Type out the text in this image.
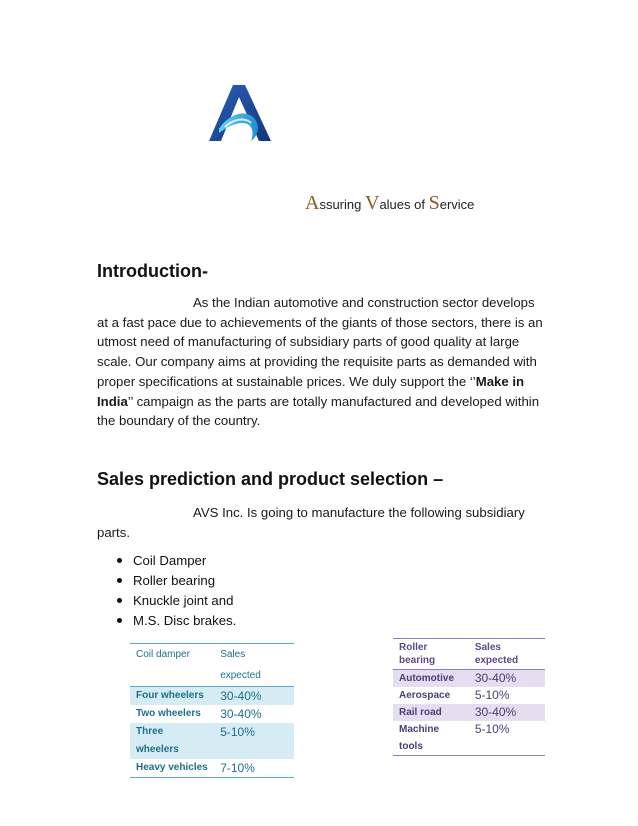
Assuring Values of Service
Introduction-
As the Indian automotive and construction sector develops at a fast pace due to achievements of the giants of those sectors, there is an utmost need of manufacturing of subsidiary parts of good quality at large scale. Our company aims at providing the requisite parts as demanded with proper specifications at sustainable prices. We duly support the ‘’Make in India’’ campaign as the parts are totally manufactured and developed within the boundary of the country.
Sales prediction and product selection –
AVS Inc. Is going to manufacture the following subsidiary parts.
Coil Damper
Roller bearing
Knuckle joint and
M.S. Disc brakes.
Coil damper	Sales expected
Four wheelers	30-40%
Two wheelers	30-40%
Three wheelers	5-10%
Heavy vehicles	7-10%
Roller bearing	Sales expected
Automotive	30-40%
Aerospace	5-10%
Rail road	30-40%
Machine tools	5-10%
